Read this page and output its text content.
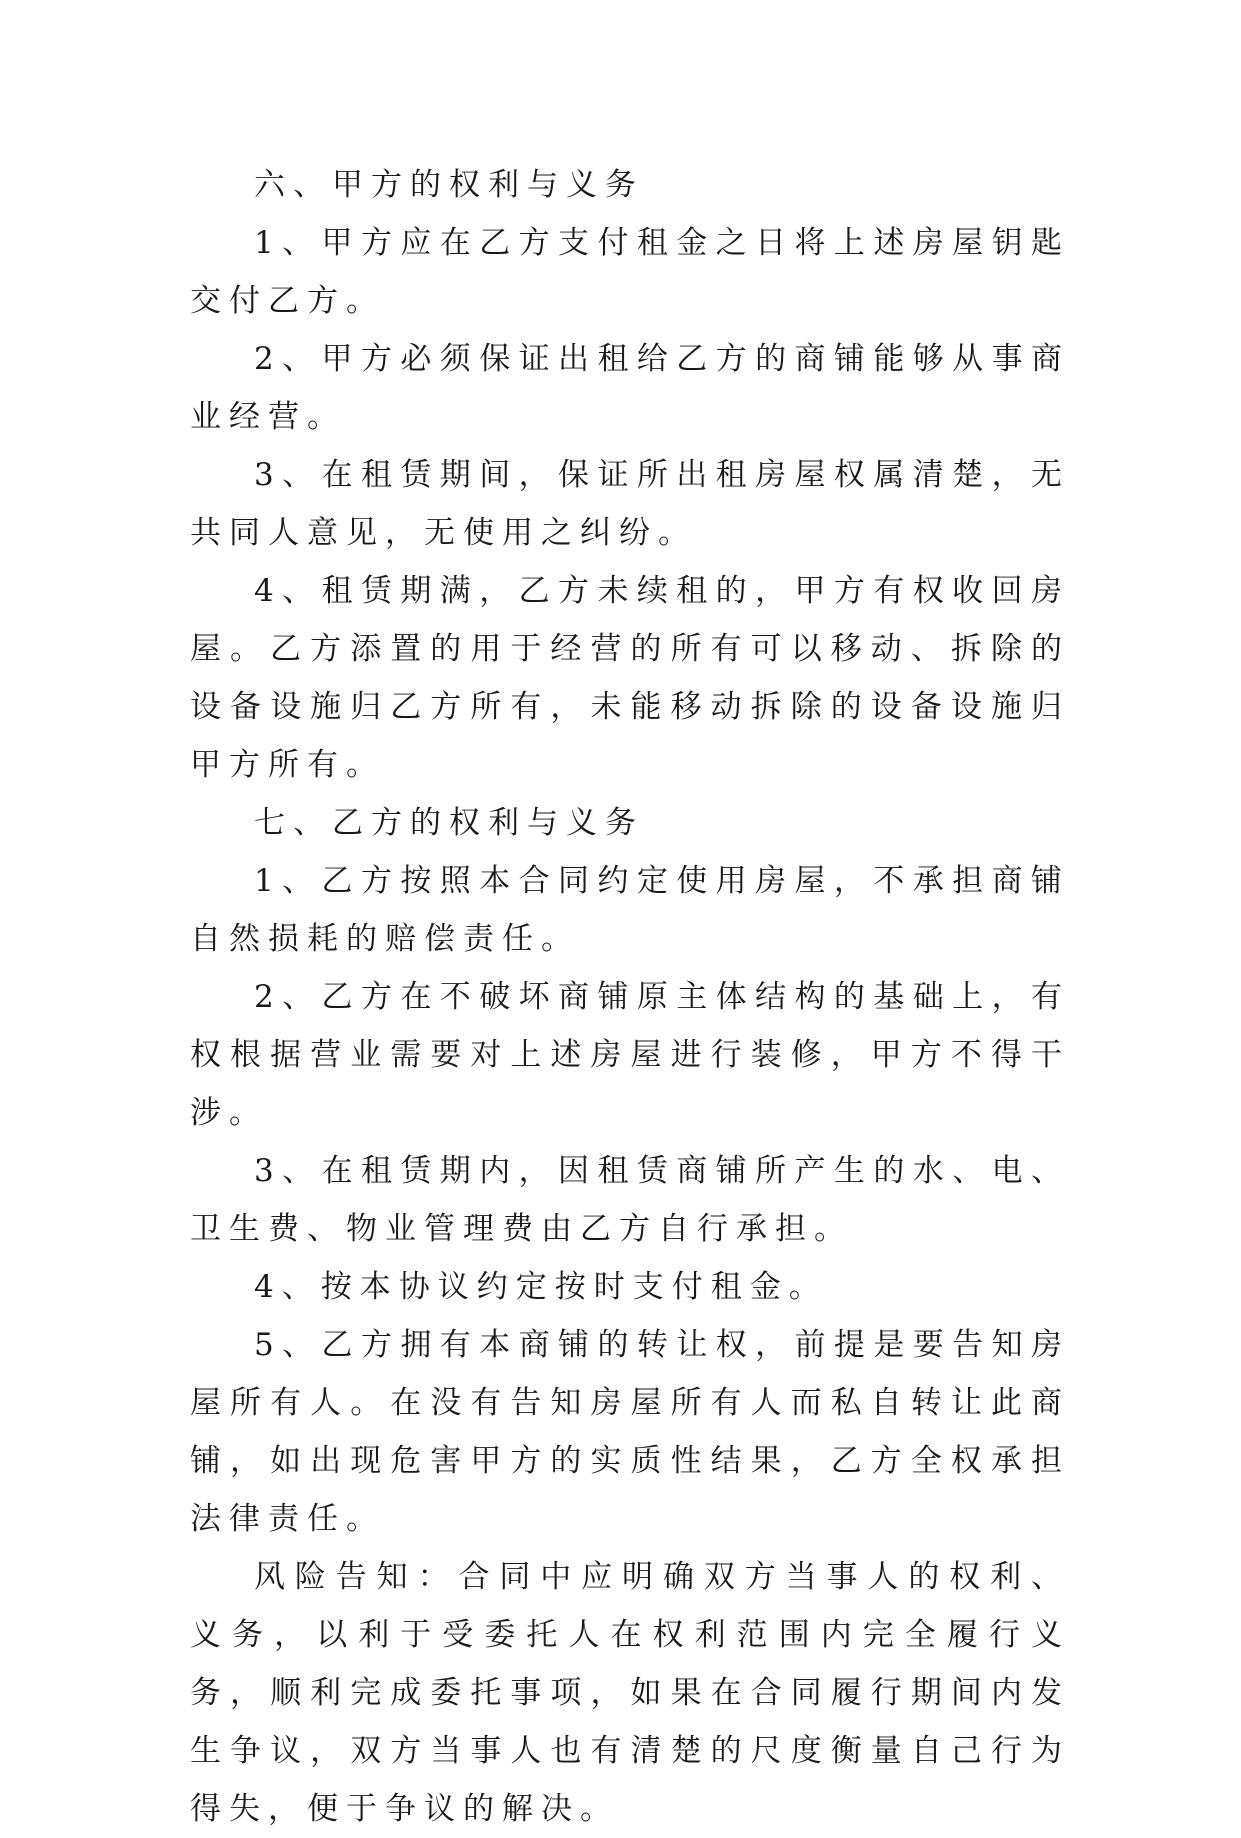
六、甲方的权利与义务

1、甲方应在乙方支付租金之日将上述房屋钥匙交付乙方。

2、甲方必须保证出租给乙方的商铺能够从事商业经营。

3、在租赁期间，保证所出租房屋权属清楚，无共同人意见，无使用之纠纷。

4、租赁期满，乙方未续租的，甲方有权收回房屋。乙方添置的用于经营的所有可以移动、拆除的设备设施归乙方所有，未能移动拆除的设备设施归甲方所有。

七、乙方的权利与义务

1、乙方按照本合同约定使用房屋，不承担商铺自然损耗的赔偿责任。

2、乙方在不破坏商铺原主体结构的基础上，有权根据营业需要对上述房屋进行装修，甲方不得干涉。

3、在租赁期内，因租赁商铺所产生的水、电、卫生费、物业管理费由乙方自行承担。

4、按本协议约定按时支付租金。

5、乙方拥有本商铺的转让权，前提是要告知房屋所有人。在没有告知房屋所有人而私自转让此商铺，如出现危害甲方的实质性结果，乙方全权承担法律责任。

风险告知：合同中应明确双方当事人的权利、义务，以利于受委托人在权利范围内完全履行义务，顺利完成委托事项，如果在合同履行期间内发生争议，双方当事人也有清楚的尺度衡量自己行为得失，便于争议的解决。
